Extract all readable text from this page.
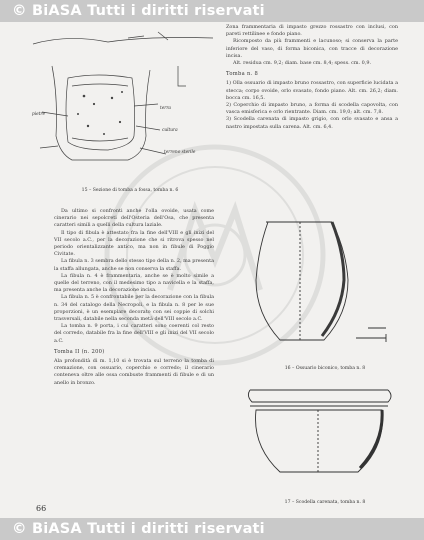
© BiASA Tutti i diritti riservati
15 – Sezione di tomba a fossa, tomba n. 6
pietre
terra
cultura
terreno sterile

Da ultimo si confronti anche l'olla ovoide, usata come cinerario nei sepolcreti dell'Osteria dell'Osa, che presenta caratteri simili a quelli della cultura laziale.

Il tipo di fibula è attestato fra la fine dell'VIII e gli inizi del VII secolo a.C., per la decorazione che si ritrova spesso nel periodo orientalizzante antico, ma non in fibule di Poggio Civitate.

La fibula n. 3 sembra dello stesso tipo della n. 2, ma presenta la staffa allungata, anche se non conserva la staffa.

La fibula n. 4 è frammentaria, anche se è molto simile a quelle del terreno, con il medesimo tipo a navicella e la staffa, ma presenta anche la decorazione incisa.

La fibula n. 5 è confrontabile per la decorazione con la fibula n. 34 del catalogo della Necropoli, e la fibula n. 8 per le sue proporzioni, è un esemplare decorato con sei coppie di solchi trasversali, databile nella seconda metà dell'VIII secolo a.C.

La tomba n. 9 porta, i cui caratteri sono coerenti col resto del corredo, databile fra la fine dell'VIII e gli inizi del VII secolo a.C.

Tomba II (n. 200)

Ala profondità di m. 1,10 si è trovata sul terreno la tomba di cremazione, con ossuario, coperchio e corredo; il cinerario conteneva oltre alle ossa combuste frammenti di fibule e di un anello in bronzo.

Zona frammentaria di impasto grezzo rossastro con inclusi, con pareti rettilinee e fondo piano.

Ricomposto da più frammenti e lacunoso; si conserva la parte inferiore del vaso, di forma biconica, con tracce di decorazione incisa.

Alt. residua cm. 9,2; diam. base cm. 8,4; spess. cm. 0,9.

Tomba n. 8

1) Olla ossuario di impasto bruno rossastro, con superficie lucidata a stecca; corpo ovoide, orlo svasato, fondo piano. Alt. cm. 26,2; diam. bocca cm. 16,5.

2) Coperchio di impasto bruno, a forma di scodella capovolta, con vasca emisferica e orlo rientrante. Diam. cm. 19,0; alt. cm. 7,8.

3) Scodella carenata di impasto grigio, con orlo svasato e ansa a nastro impostata sulla carena. Alt. cm. 6,4.

16 – Ossuario biconico, tomba n. 8
17 – Scodella carenata, tomba n. 8
66
© BiASA Tutti i diritti riservati
